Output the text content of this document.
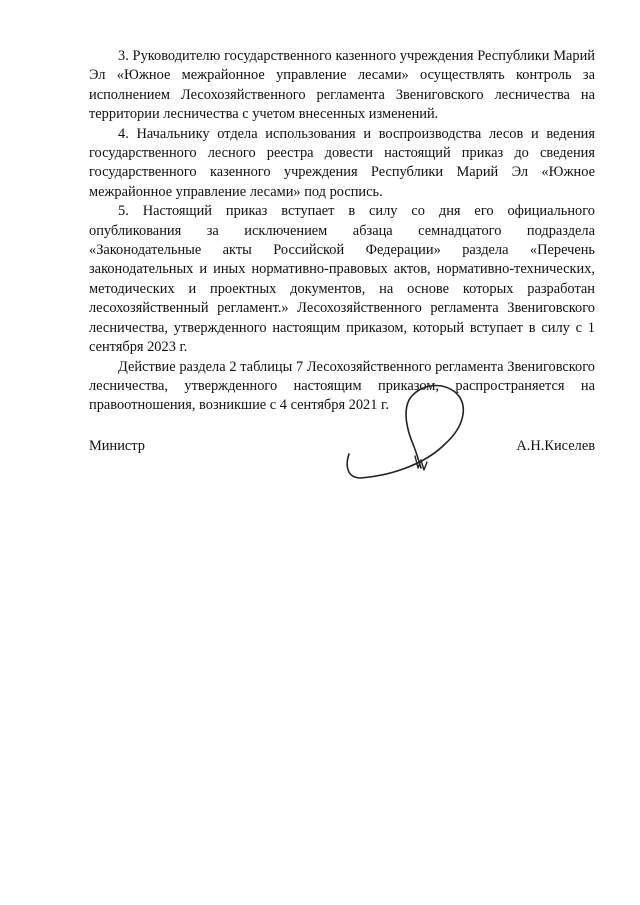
3. Руководителю государственного казенного учреждения Республики Марий Эл «Южное межрайонное управление лесами» осуществлять контроль за исполнением Лесохозяйственного регламента Звениговского лесничества на территории лесничества с учетом внесенных изменений.

4. Начальнику отдела использования и воспроизводства лесов и ведения государственного лесного реестра довести настоящий приказ до сведения государственного казенного учреждения Республики Марий Эл «Южное межрайонное управление лесами» под роспись.

5. Настоящий приказ вступает в силу со дня его официального опубликования за исключением абзаца семнадцатого подраздела «Законодательные акты Российской Федерации» раздела «Перечень законодательных и иных нормативно-правовых актов, нормативно-технических, методических и проектных документов, на основе которых разработан лесохозяйственный регламент.» Лесохозяйственного регламента Звениговского лесничества, утвержденного настоящим приказом, который вступает в силу с 1 сентября 2023 г.

Действие раздела 2 таблицы 7 Лесохозяйственного регламента Звениговского лесничества, утвержденного настоящим приказом, распространяется на правоотношения, возникшие с 4 сентября 2021 г.

Министр	А.Н.Киселев
